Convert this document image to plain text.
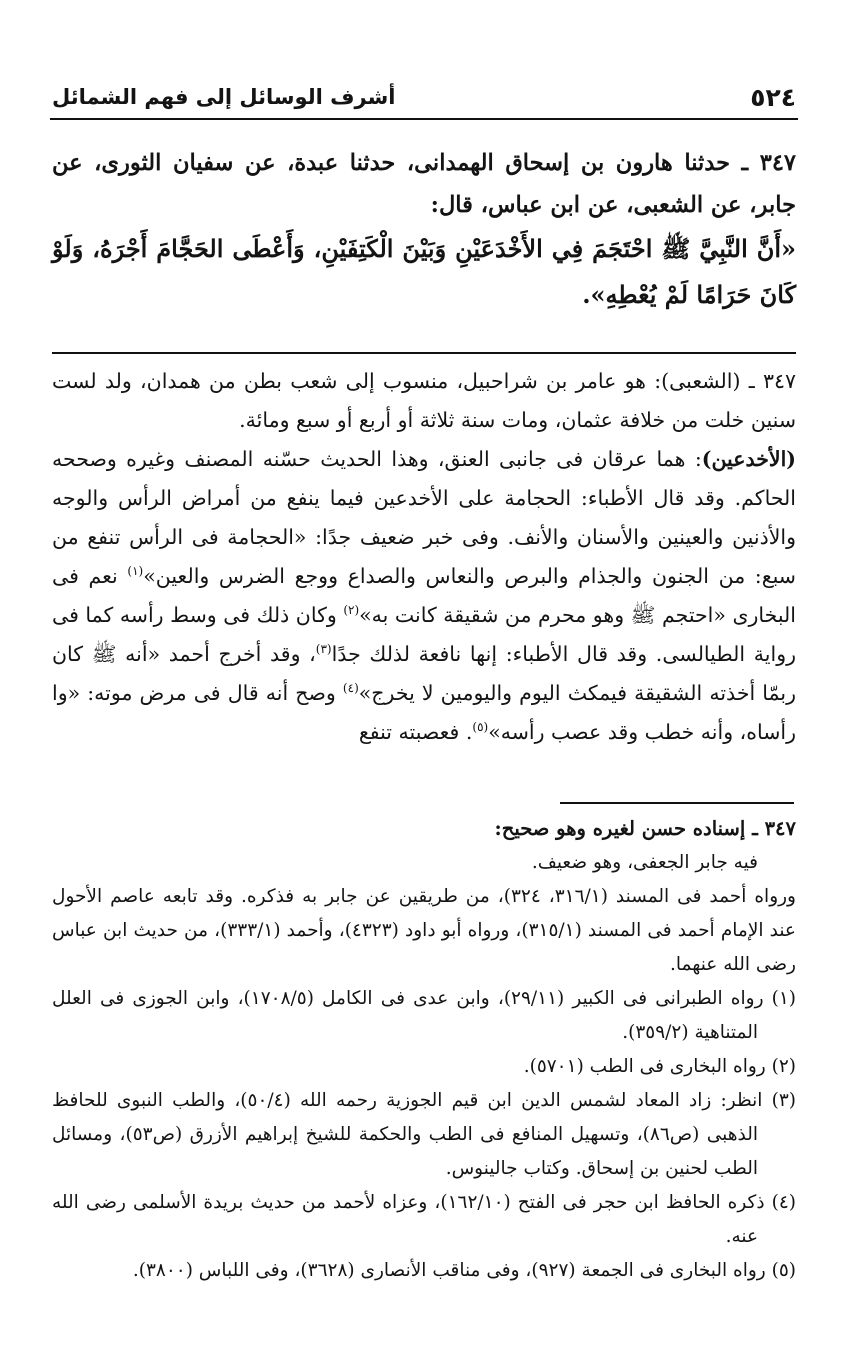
٥٢٤
أشرف الوسائل إلى فهم الشمائل

٣٤٧ ـ حدثنا هارون بن إسحاق الهمدانى، حدثنا عبدة، عن سفيان الثورى، عن جابر، عن الشعبى، عن ابن عباس، قال:

«أَنَّ النَّبِيَّ ﷺ احْتَجَمَ فِي الأَخْدَعَيْنِ وَبَيْنَ الْكَتِفَيْنِ، وَأَعْطَى الحَجَّامَ أَجْرَهُ، وَلَوْ كَانَ حَرَامًا لَمْ يُعْطِهِ».

٣٤٧ ـ (الشعبى): هو عامر بن شراحبيل، منسوب إلى شعب بطن من همدان، ولد لست سنين خلت من خلافة عثمان، ومات سنة ثلاثة أو أربع أو سبع ومائة.

(الأخدعين): هما عرقان فى جانبى العنق، وهذا الحديث حسّنه المصنف وغيره وصححه الحاكم. وقد قال الأطباء: الحجامة على الأخدعين فيما ينفع من أمراض الرأس والوجه والأذنين والعينين والأسنان والأنف. وفى خبر ضعيف جدًا: «الحجامة فى الرأس تنفع من سبع: من الجنون والجذام والبرص والنعاس والصداع ووجع الضرس والعين»$^{(١)}$ نعم فى البخارى «احتجم ﷺ وهو محرم من شقيقة كانت به»$^{(٢)}$ وكان ذلك فى وسط رأسه كما فى رواية الطيالسى. وقد قال الأطباء: إنها نافعة لذلك جدًا$^{(٣)}$، وقد أخرج أحمد «أنه ﷺ كان ربمّا أخذته الشقيقة فيمكث اليوم واليومين لا يخرج»$^{(٤)}$ وصح أنه قال فى مرض موته: «وا رأساه، وأنه خطب وقد عصب رأسه»$^{(٥)}$. فعصبته تنفع

٣٤٧ ـ إسناده حسن لغيره وهو صحيح:

فيه جابر الجعفى، وهو ضعيف.

ورواه أحمد فى المسند (٣١٦/١، ٣٢٤)، من طريقين عن جابر به فذكره. وقد تابعه عاصم الأحول عند الإمام أحمد فى المسند (٣١٥/١)، ورواه أبو داود (٤٣٢٣)، وأحمد (٣٣٣/١)، من حديث ابن عباس رضى الله عنهما.

(١) رواه الطبرانى فى الكبير (٢٩/١١)، وابن عدى فى الكامل (١٧٠٨/٥)، وابن الجوزى فى العلل المتناهية (٣٥٩/٢).

(٢) رواه البخارى فى الطب (٥٧٠١).

(٣) انظر: زاد المعاد لشمس الدين ابن قيم الجوزية رحمه الله (٥٠/٤)، والطب النبوى للحافظ الذهبى (ص٨٦)، وتسهيل المنافع فى الطب والحكمة للشيخ إبراهيم الأزرق (ص٥٣)، ومسائل الطب لحنين بن إسحاق. وكتاب جالينوس.

(٤) ذكره الحافظ ابن حجر فى الفتح (١٦٢/١٠)، وعزاه لأحمد من حديث بريدة الأسلمى رضى الله عنه.

(٥) رواه البخارى فى الجمعة (٩٢٧)، وفى مناقب الأنصارى (٣٦٢٨)، وفى اللباس (٣٨٠٠).
